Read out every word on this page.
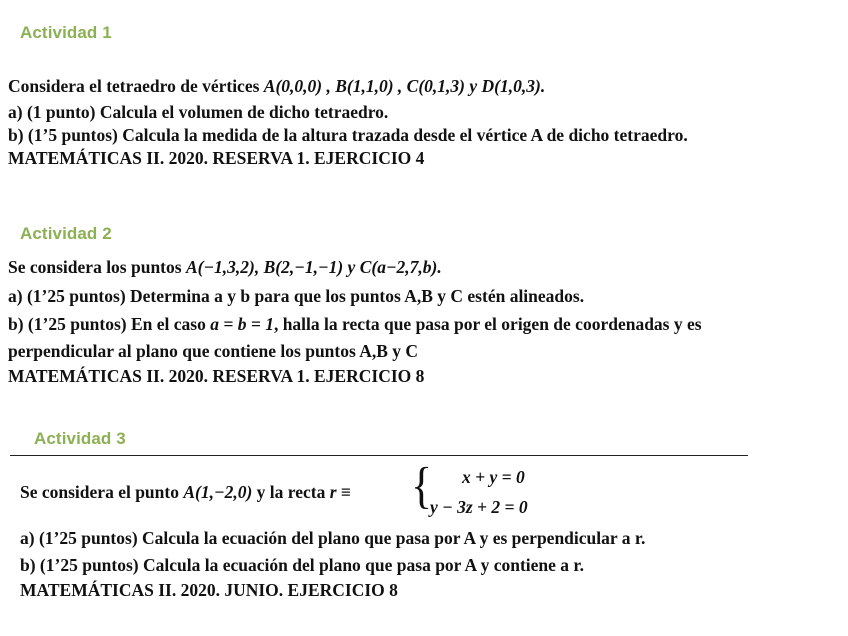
Actividad 1
Considera el tetraedro de vértices A(0,0,0) , B(1,1,0) , C(0,1,3) y D(1,0,3).
a) (1 punto) Calcula el volumen de dicho tetraedro.
b) (1’5 puntos) Calcula la medida de la altura trazada desde el vértice A de dicho tetraedro.
MATEMÁTICAS II. 2020. RESERVA 1. EJERCICIO 4
Actividad 2
Se considera los puntos A(−1,3,2), B(2,−1,−1) y C(a−2,7,b).
a) (1’25 puntos) Determina a y b para que los puntos A,B y C estén alineados.
b) (1’25 puntos) En el caso a = b = 1, halla la recta que pasa por el origen de coordenadas y es
perpendicular al plano que contiene los puntos A,B y C
MATEMÁTICAS II. 2020. RESERVA 1. EJERCICIO 8
Actividad 3
Se considera el punto A(1,−2,0) y la recta r ≡ { x + y = 0
y − 3z + 2 = 0
a) (1’25 puntos) Calcula la ecuación del plano que pasa por A y es perpendicular a r.
b) (1’25 puntos) Calcula la ecuación del plano que pasa por A y contiene a r.
MATEMÁTICAS II. 2020. JUNIO. EJERCICIO 8
